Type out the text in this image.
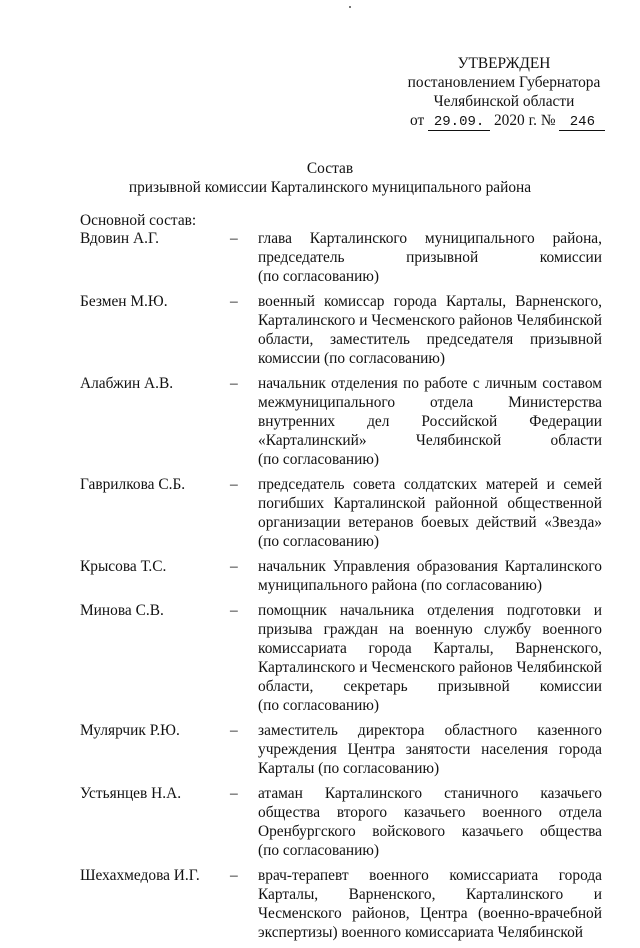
УТВЕРЖДЕН
постановлением Губернатора
Челябинской области
от 29.09. 2020 г. № 246
Состав
призывной комиссии Карталинского муниципального района
Основной состав:
Вдовин А.Г.	–	глава Карталинского муниципального района,
председатель призывной комиссии
(по согласованию)
Безмен М.Ю.	–	военный комиссар города Карталы, Варненского,
Карталинского и Чесменского районов Челябинской
области, заместитель председателя призывной
комиссии (по согласованию)
Алабжин А.В.	–	начальник отделения по работе с личным составом
межмуниципального отдела Министерства
внутренних дел Российской Федерации
«Карталинский» Челябинской области
(по согласованию)
Гаврилкова С.Б.	–	председатель совета солдатских матерей и семей
погибших Карталинской районной общественной
организации ветеранов боевых действий «Звезда»
(по согласованию)
Крысова Т.С.	–	начальник Управления образования Карталинского
муниципального района (по согласованию)
Минова С.В.	–	помощник начальника отделения подготовки и
призыва граждан на военную службу военного
комиссариата города Карталы, Варненского,
Карталинского и Чесменского районов Челябинской
области, секретарь призывной комиссии
(по согласованию)
Мулярчик Р.Ю.	–	заместитель директора областного казенного
учреждения Центра занятости населения города
Карталы (по согласованию)
Устьянцев Н.А.	–	атаман Карталинского станичного казачьего
общества второго казачьего военного отдела
Оренбургского войскового казачьего общества
(по согласованию)
Шехахмедова И.Г.	–	врач-терапевт военного комиссариата города
Карталы, Варненского, Карталинского и
Чесменского районов, Центра (военно-врачебной
экспертизы) военного комиссариата Челябинской
